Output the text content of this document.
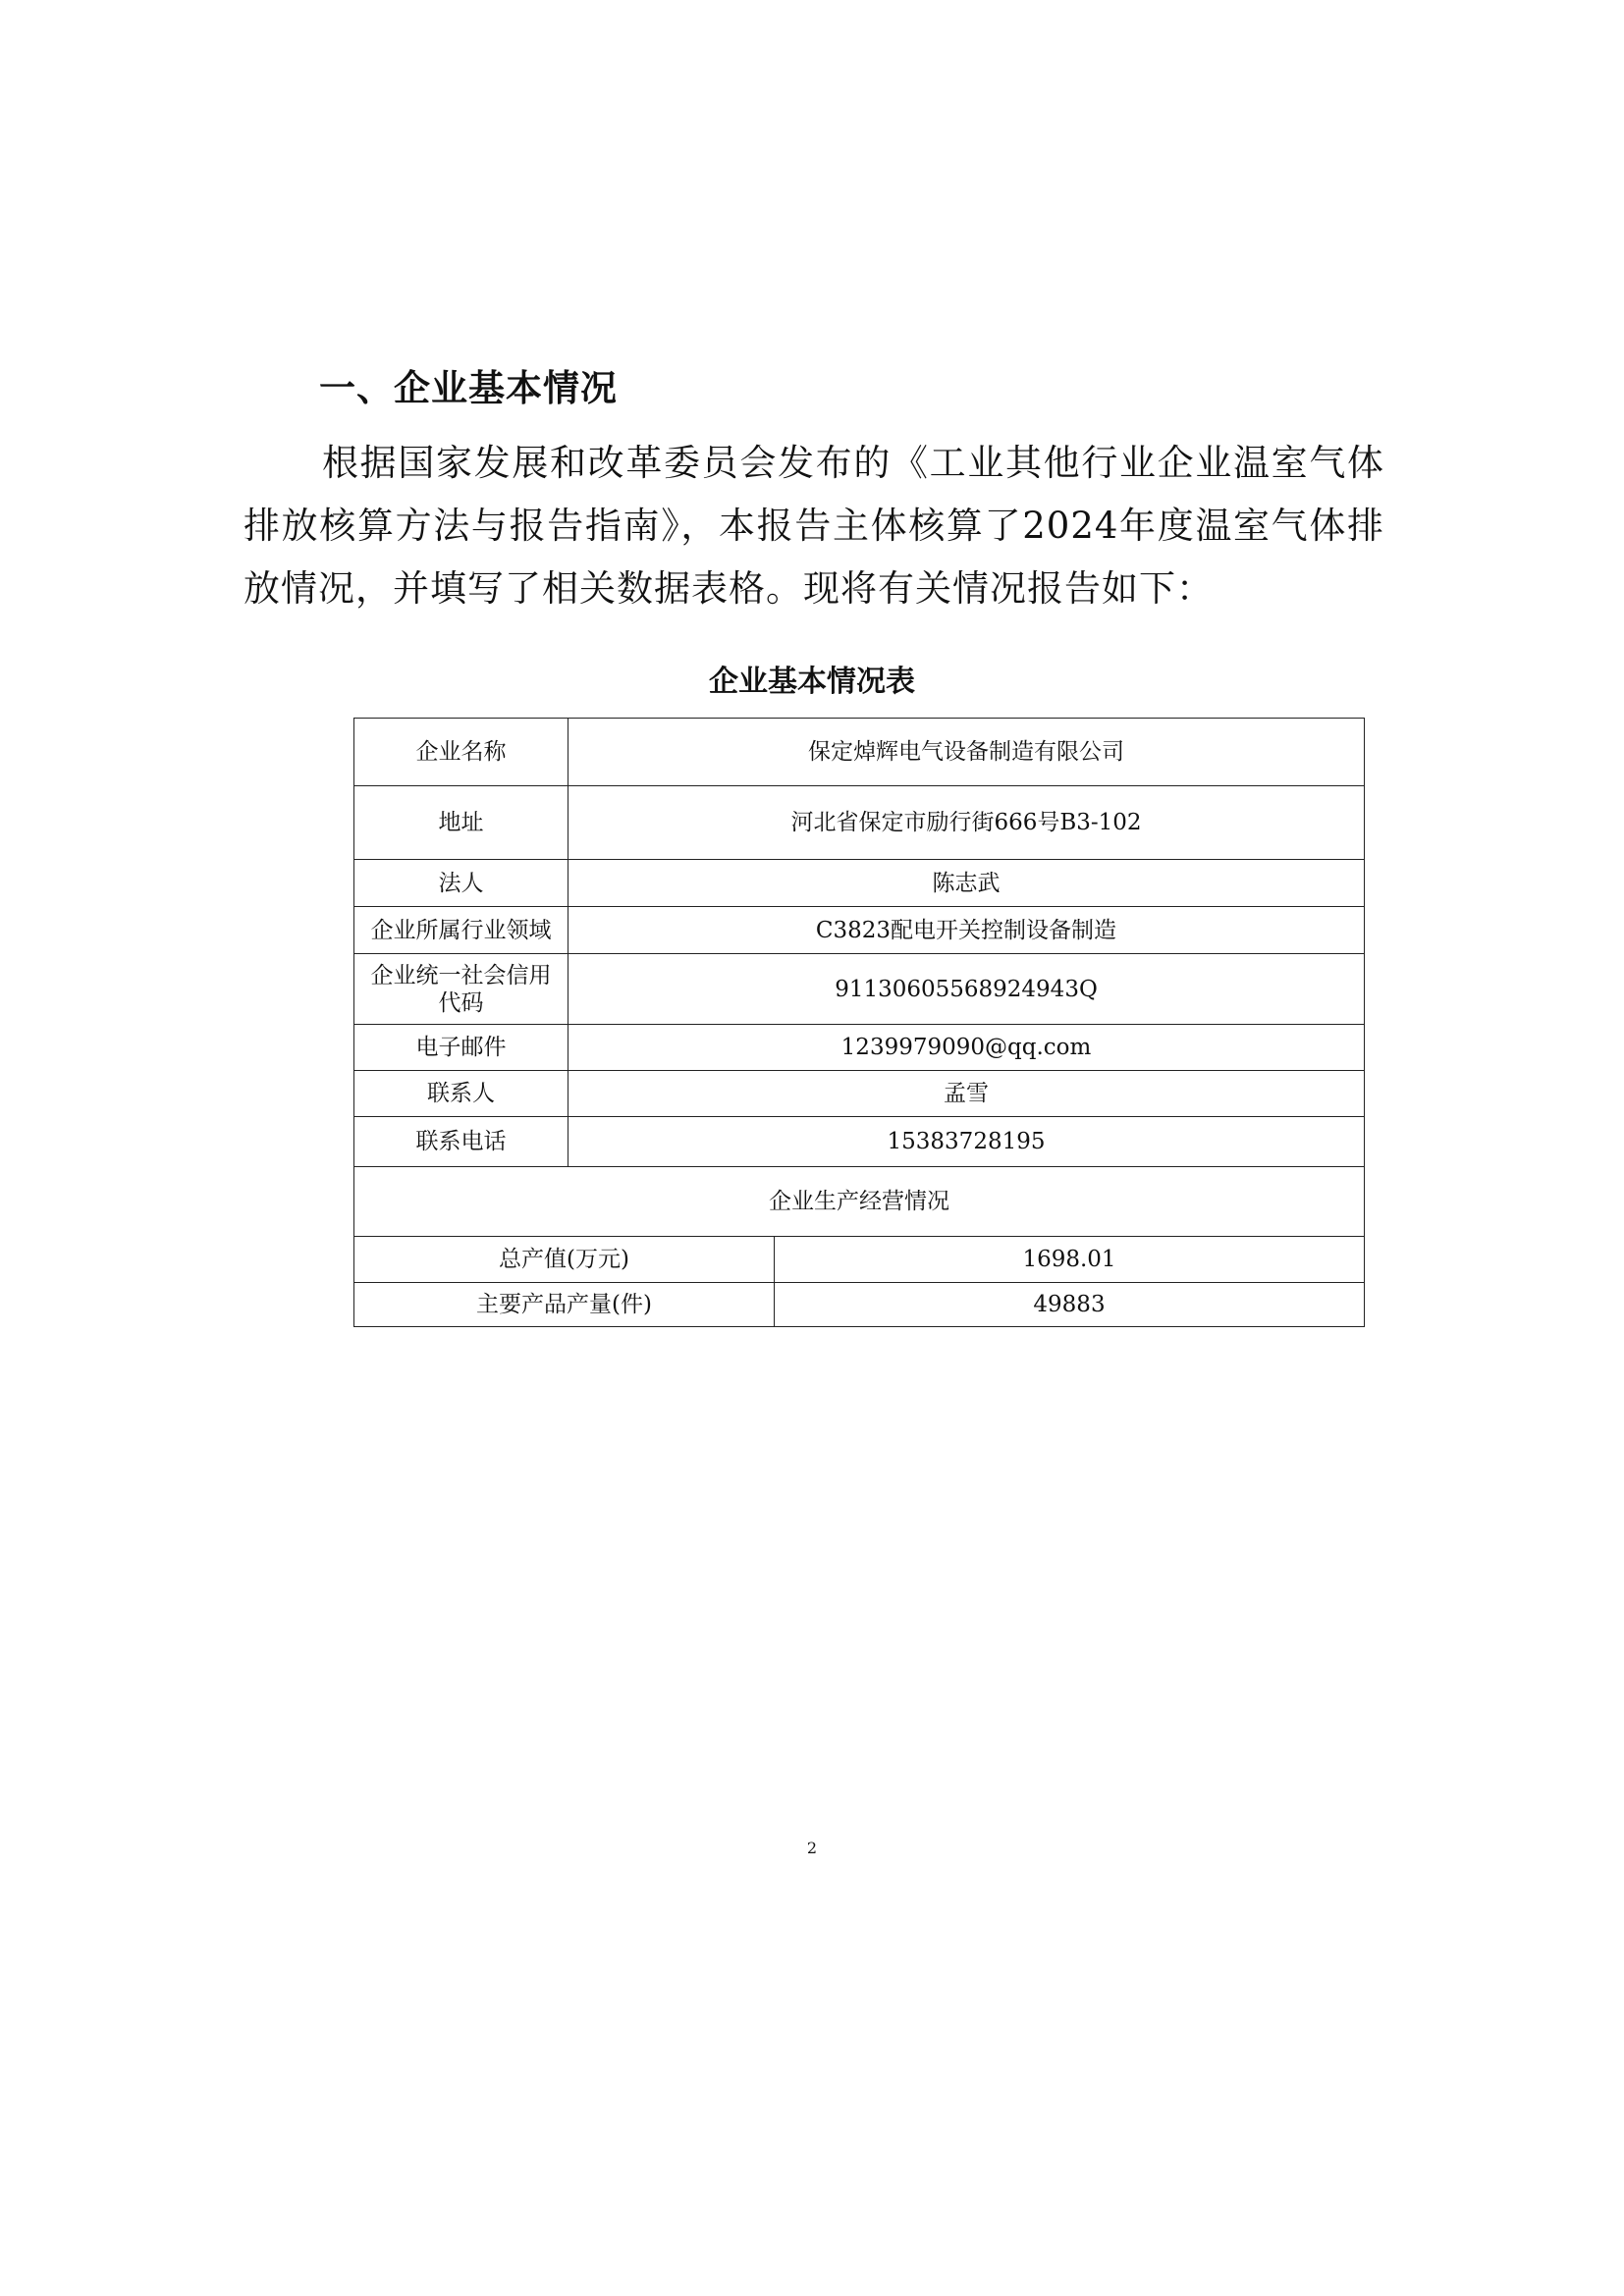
一、企业基本情况

根据国家发展和改革委员会发布的《工业其他行业企业温室气体排放核算方法与报告指南》，本报告主体核算了2024年度温室气体排放情况，并填写了相关数据表格。现将有关情况报告如下：

企业基本情况表
企业名称	保定焯辉电气设备制造有限公司	
地址	河北省保定市励行街666号B3-102	
法人	陈志武	
企业所属行业领域	C3823配电开关控制设备制造	
企业统一社会信用代码	91130605568924943Q	
电子邮件	1239979090@qq.com	
联系人	孟雪	
联系电话	15383728195	
企业生产经营情况		
总产值(万元)		1698.01
主要产品产量(件)		49883
2
